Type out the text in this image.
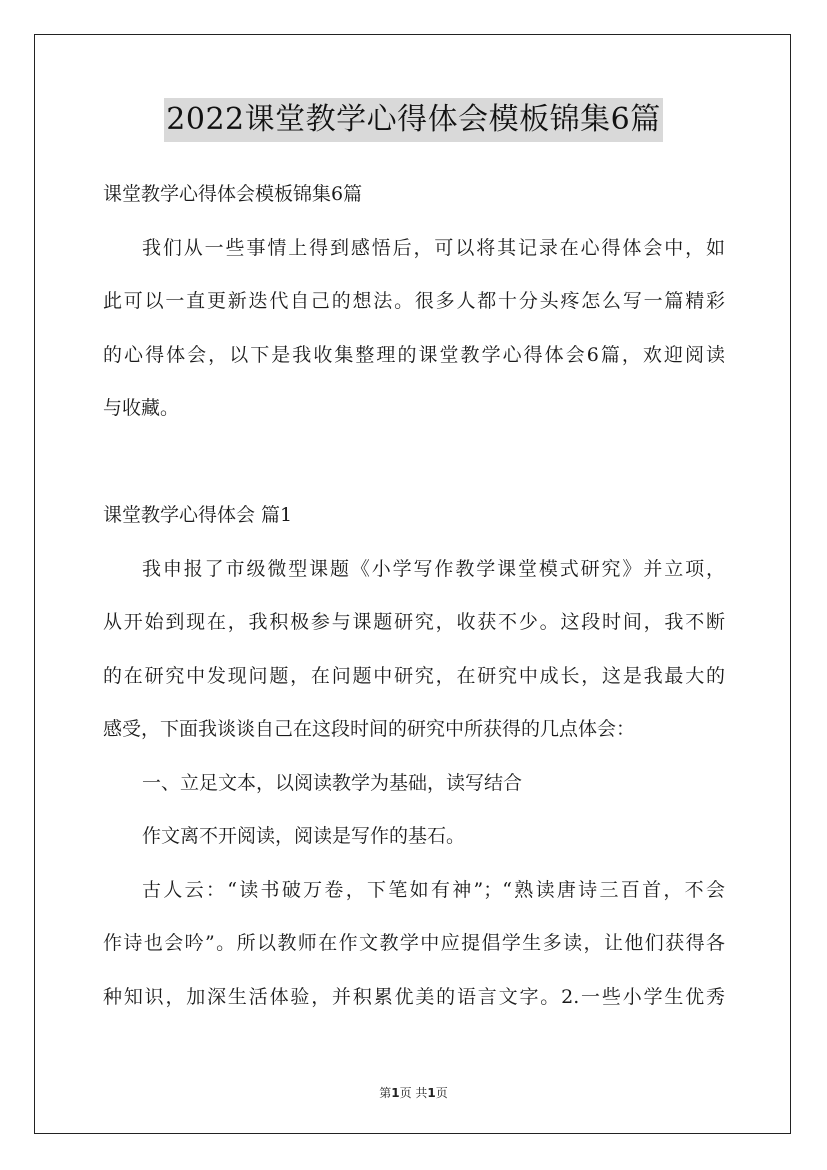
2022课堂教学心得体会模板锦集6篇
课堂教学心得体会模板锦集6篇
我们从一些事情上得到感悟后，可以将其记录在心得体会中，如
此可以一直更新迭代自己的想法。很多人都十分头疼怎么写一篇精彩
的心得体会，以下是我收集整理的课堂教学心得体会6篇，欢迎阅读
与收藏。
课堂教学心得体会 篇1
我申报了市级微型课题《小学写作教学课堂模式研究》并立项，
从开始到现在，我积极参与课题研究，收获不少。这段时间，我不断
的在研究中发现问题，在问题中研究，在研究中成长，这是我最大的
感受，下面我谈谈自己在这段时间的研究中所获得的几点体会：
一、立足文本，以阅读教学为基础，读写结合
作文离不开阅读，阅读是写作的基石。
古人云：“读书破万卷，下笔如有神”；“熟读唐诗三百首，不会
作诗也会吟”。所以教师在作文教学中应提倡学生多读，让他们获得各
种知识，加深生活体验，并积累优美的语言文字。2.一些小学生优秀
第1页 共1页
